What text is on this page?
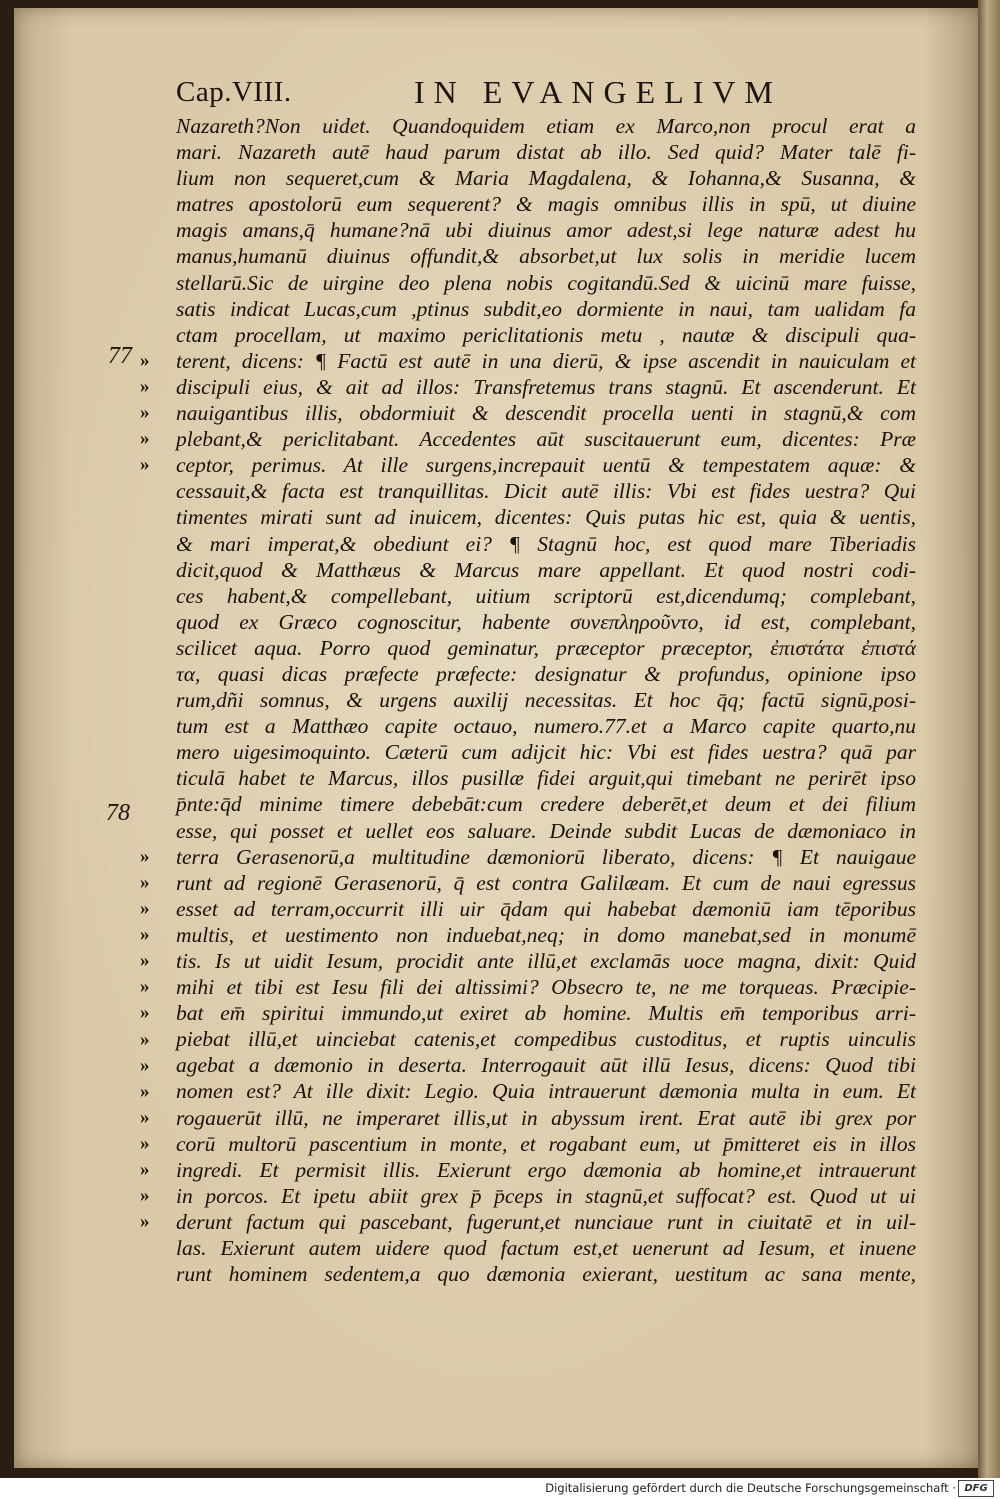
Cap.VIII.	IN EVANGELIVM
77
78
»
»
»
»
»
»
»
»
»
»
»
»
»
»
»
»
»
»
»
»
Nazareth?Non uidet. Quandoquidem etiam ex Marco,non procul erat a
mari. Nazareth autē haud parum distat ab illo. Sed quid? Mater talē fi-
lium non sequeret,cum & Maria Magdalena, & Iohanna,& Susanna, &
matres apostolorū eum sequerent? & magis omnibus illis in spū, ut diuine
magis amans,q̄ humane?nā ubi diuinus amor adest,si lege naturæ adest hu
manus,humanū diuinus offundit,& absorbet,ut lux solis in meridie lucem
stellarū.Sic de uirgine deo plena nobis cogitandū.Sed & uicinū mare fuisse,
satis indicat Lucas,cum ,ptinus subdit,eo dormiente in naui, tam ualidam fa
ctam procellam, ut maximo periclitationis metu , nautæ & discipuli qua-
terent, dicens: ¶ Factū est autē in una dierū, & ipse ascendit in nauiculam et
discipuli eius, & ait ad illos: Transfretemus trans stagnū. Et ascenderunt. Et
nauigantibus illis, obdormiuit & descendit procella uenti in stagnū,& com
plebant,& periclitabant. Accedentes aūt suscitauerunt eum, dicentes: Præ
ceptor, perimus. At ille surgens,increpauit uentū & tempestatem aquæ: &
cessauit,& facta est tranquillitas. Dicit autē illis: Vbi est fides uestra? Qui
timentes mirati sunt ad inuicem, dicentes: Quis putas hic est, quia & uentis,
& mari imperat,& obediunt ei? ¶ Stagnū hoc, est quod mare Tiberiadis
dicit,quod & Matthæus & Marcus mare appellant. Et quod nostri codi-
ces habent,& compellebant, uitium scriptorū est,dicendumq; complebant,
quod ex Græco cognoscitur, habente συνεπληρoῦντο, id est, complebant,
scilicet aqua. Porro quod geminatur, præceptor præceptor, ἐπιστάτα ἐπιστά
τα, quasi dicas præfecte præfecte: designatur & profundus, opinione ipso
rum,dñi somnus, & urgens auxilij necessitas. Et hoc q̄q; factū signū,posi-
tum est a Matthæo capite octauo, numero.77.et a Marco capite quarto,nu
mero uigesimoquinto. Cæterū cum adijcit hic: Vbi est fides uestra? quā par
ticulā habet te Marcus, illos pusillæ fidei arguit,qui timebant ne perirēt ipso
p̄nte:q̄d minime timere debebāt:cum credere deberēt,et deum et dei filium
esse, qui posset et uellet eos saluare. Deinde subdit Lucas de dæmoniaco in
terra Gerasenorū,a multitudine dæmoniorū liberato, dicens: ¶ Et nauigaue
runt ad regionē Gerasenorū, q̄ est contra Galilæam. Et cum de naui egressus
esset ad terram,occurrit illi uir q̄dam qui habebat dæmoniū iam tēporibus
multis, et uestimento non induebat,neq; in domo manebat,sed in monumē
tis. Is ut uidit Iesum, procidit ante illū,et exclamās uoce magna, dixit: Quid
mihi et tibi est Iesu fili dei altissimi? Obsecro te, ne me torqueas. Præcipie-
bat em̄ spiritui immundo,ut exiret ab homine. Multis em̄ temporibus arri-
piebat illū,et uinciebat catenis,et compedibus custoditus, et ruptis uinculis
agebat a dæmonio in deserta. Interrogauit aūt illū Iesus, dicens: Quod tibi
nomen est? At ille dixit: Legio. Quia intrauerunt dæmonia multa in eum. Et
rogauerūt illū, ne imperaret illis,ut in abyssum irent. Erat autē ibi grex por
corū multorū pascentium in monte, et rogabant eum, ut p̄mitteret eis in illos
ingredi. Et permisit illis. Exierunt ergo dæmonia ab homine,et intrauerunt
in porcos. Et ipetu abiit grex p̄ p̄ceps in stagnū,et suffocat? est. Quod ut ui
derunt factum qui pascebant, fugerunt,et nunciaue runt in ciuitatē et in uil-
las. Exierunt autem uidere quod factum est,et uenerunt ad Iesum, et inuene
runt hominem sedentem,a quo dæmonia exierant, uestitum ac sana mente,
Digitalisierung gefördert durch die Deutsche Forschungsgemeinschaft · DFG
